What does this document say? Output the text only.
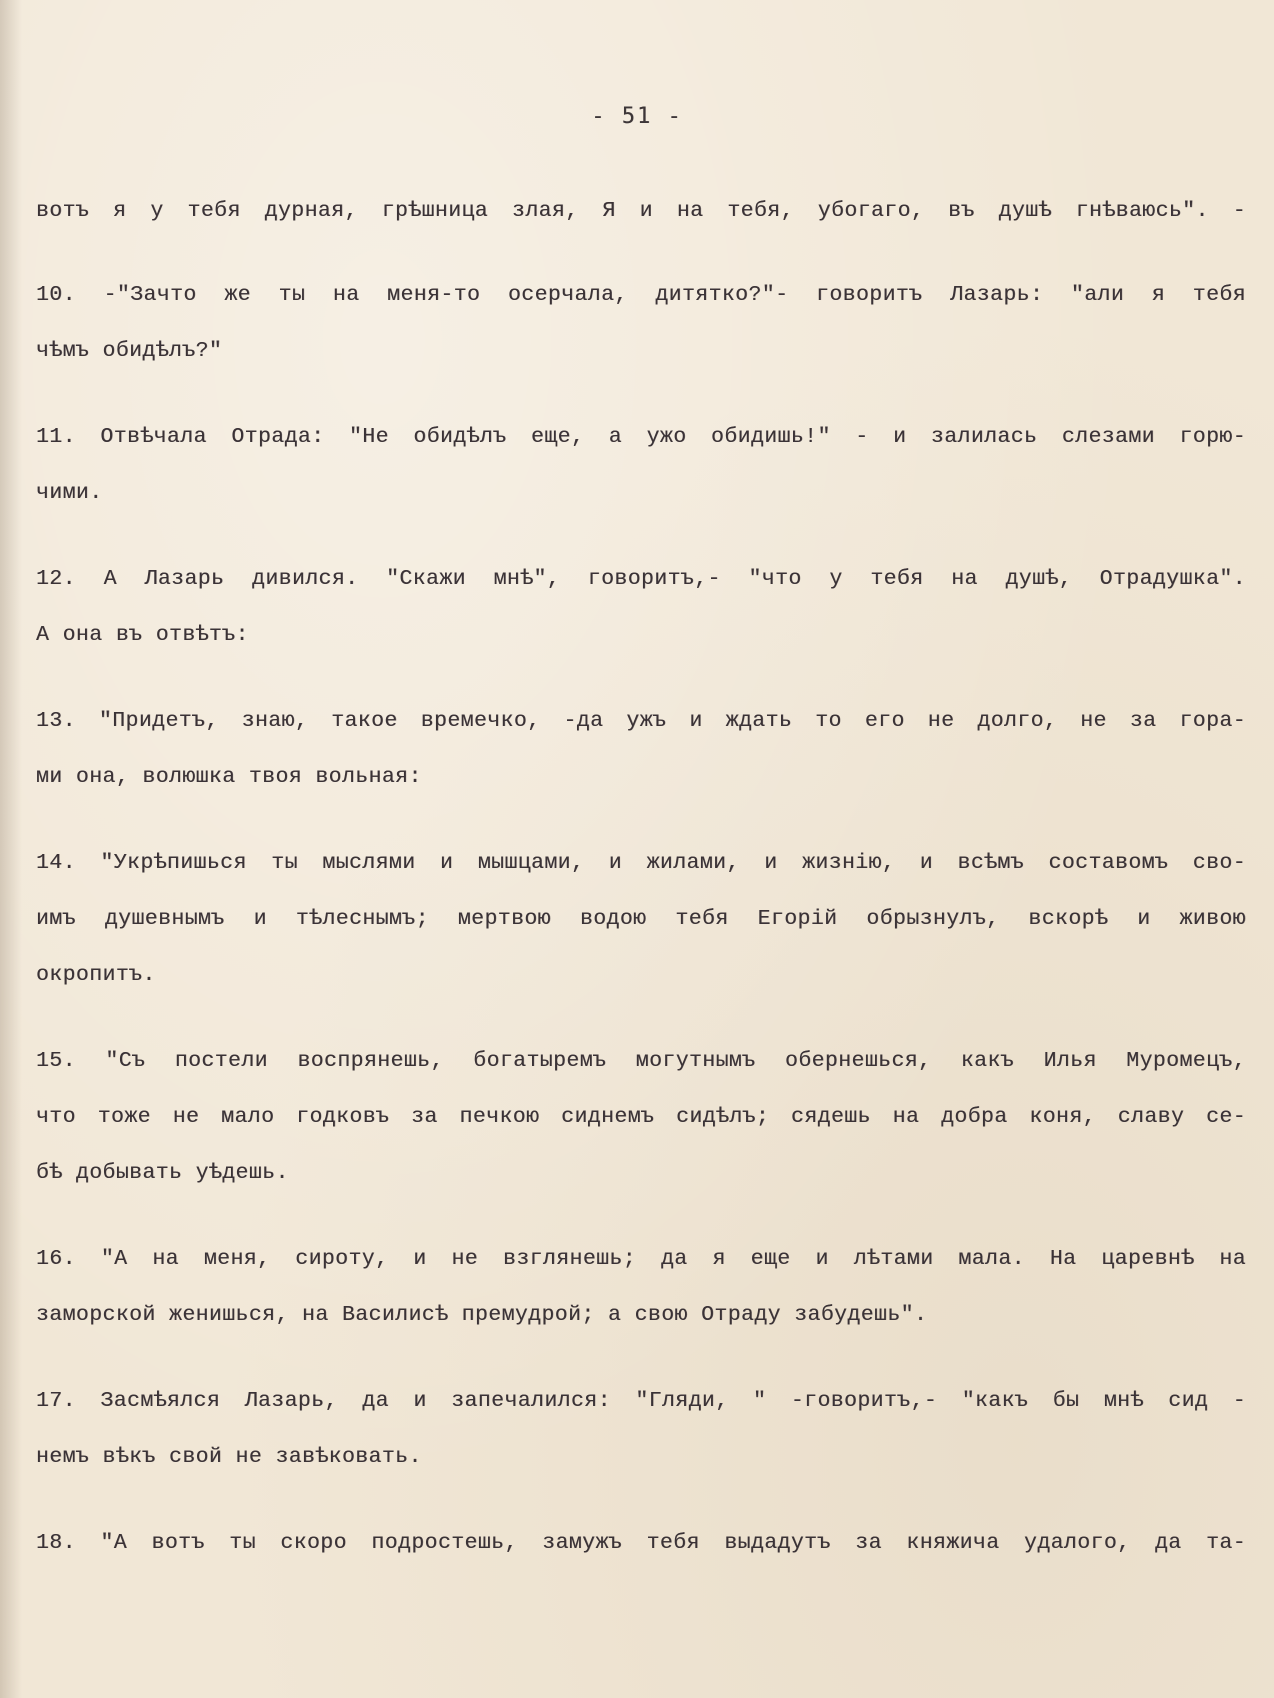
- 51 -
вотъ я у тебя дурная, грѣшница злая, Я и на тебя, убогаго, въ душѣ гнѣваюсь". -
10. -"Зачто же ты на меня-то осерчала, дитятко?"- говоритъ Лазарь: "али я тебя
чѣмъ обидѣлъ?"
11. Отвѣчала Отрада: "Не обидѣлъ еще, а ужо обидишь!" - и залилась слезами горю-
чими.
12. А Лазарь дивился. "Скажи мнѣ", говоритъ,- "что у тебя на душѣ, Отрадушка".
А она въ отвѣтъ:
13. "Придетъ, знаю, такое времечко, -да ужъ и ждать то его не долго, не за гора-
ми она, волюшка твоя вольная:
14. "Укрѣпишься ты мыслями и мышцами, и жилами, и жизнію, и всѣмъ составомъ сво-
имъ душевнымъ и тѣлеснымъ; мертвою водою тебя Егорій обрызнулъ, вскорѣ и живою
окропитъ.
15. "Съ постели воспрянешь, богатыремъ могутнымъ обернешься, какъ Илья Муромецъ,
что тоже не мало годковъ за печкою сиднемъ сидѣлъ; сядешь на добра коня, славу се-
бѣ добывать уѣдешь.
16. "А на меня, сироту, и не взглянешь; да я еще и лѣтами мала. На царевнѣ на
заморской женишься, на Василисѣ премудрой; а свою Отраду забудешь".
17. Засмѣялся Лазарь, да и запечалился: "Гляди, " -говоритъ,- "какъ бы мнѣ сид -
немъ вѣкъ свой не завѣковать.
18. "А вотъ ты скоро подростешь, замужъ тебя выдадутъ за княжича удалого, да та-
